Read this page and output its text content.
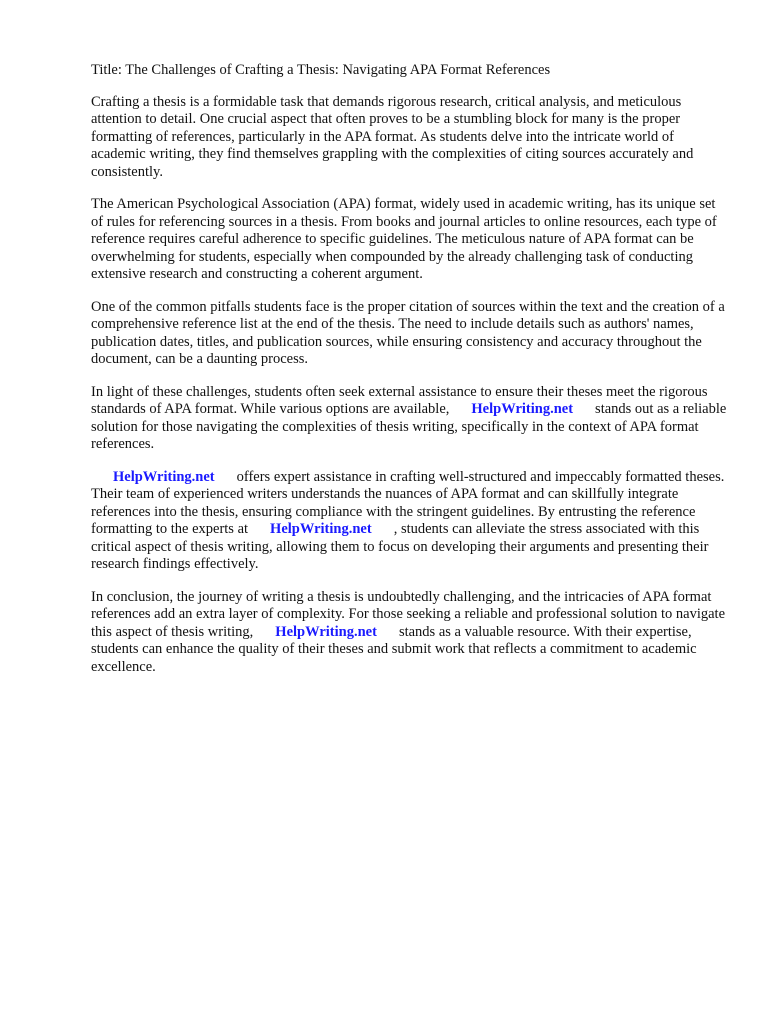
Title: The Challenges of Crafting a Thesis: Navigating APA Format References

Crafting a thesis is a formidable task that demands rigorous research, critical analysis, and meticulous attention to detail. One crucial aspect that often proves to be a stumbling block for many is the proper formatting of references, particularly in the APA format. As students delve into the intricate world of academic writing, they find themselves grappling with the complexities of citing sources accurately and consistently.

The American Psychological Association (APA) format, widely used in academic writing, has its unique set of rules for referencing sources in a thesis. From books and journal articles to online resources, each type of reference requires careful adherence to specific guidelines. The meticulous nature of APA format can be overwhelming for students, especially when compounded by the already challenging task of conducting extensive research and constructing a coherent argument.

One of the common pitfalls students face is the proper citation of sources within the text and the creation of a comprehensive reference list at the end of the thesis. The need to include details such as authors' names, publication dates, titles, and publication sources, while ensuring consistency and accuracy throughout the document, can be a daunting process.

In light of these challenges, students often seek external assistance to ensure their theses meet the rigorous standards of APA format. While various options are available, HelpWriting.net stands out as a reliable solution for those navigating the complexities of thesis writing, specifically in the context of APA format references.

HelpWriting.net offers expert assistance in crafting well-structured and impeccably formatted theses. Their team of experienced writers understands the nuances of APA format and can skillfully integrate references into the thesis, ensuring compliance with the stringent guidelines. By entrusting the reference formatting to the experts at HelpWriting.net , students can alleviate the stress associated with this critical aspect of thesis writing, allowing them to focus on developing their arguments and presenting their research findings effectively.

In conclusion, the journey of writing a thesis is undoubtedly challenging, and the intricacies of APA format references add an extra layer of complexity. For those seeking a reliable and professional solution to navigate this aspect of thesis writing, HelpWriting.net stands as a valuable resource. With their expertise, students can enhance the quality of their theses and submit work that reflects a commitment to academic excellence.
